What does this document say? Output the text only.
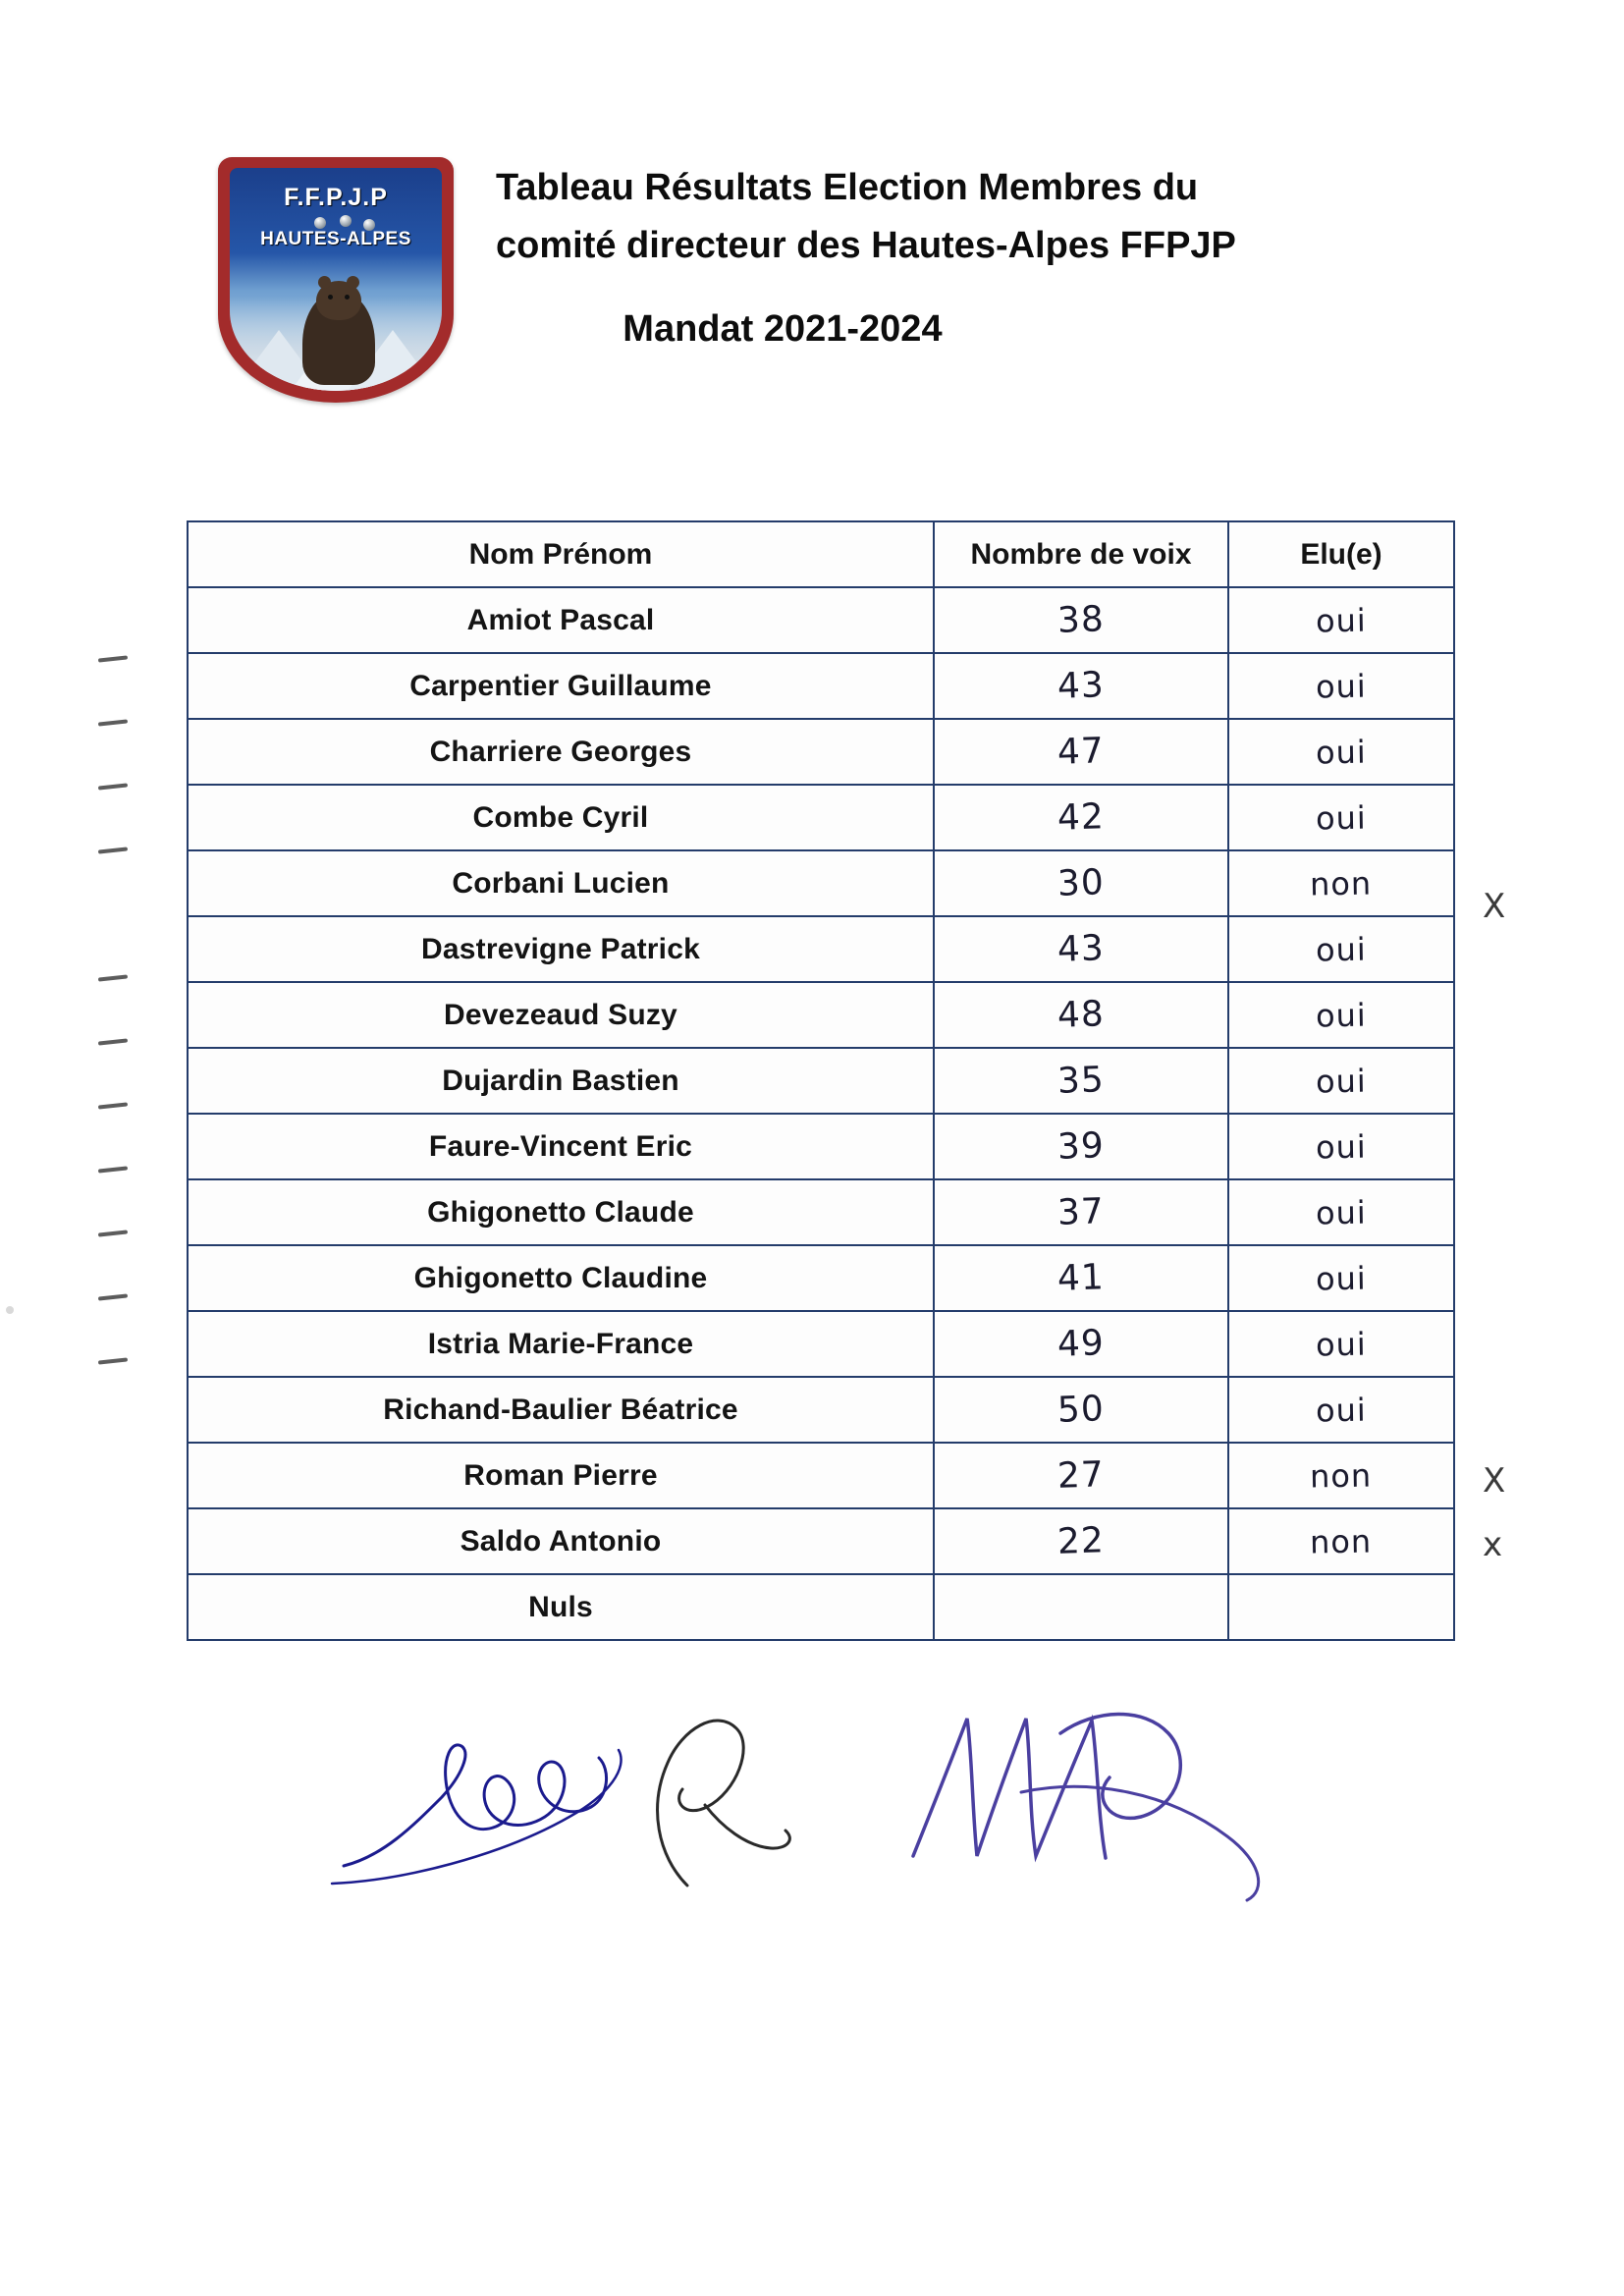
F.F.P.J.P
HAUTES-ALPES
Tableau Résultats Election Membres du
comité directeur des Hautes-Alpes FFPJP
Mandat 2021-2024
Nom Prénom	Nombre de voix	Elu(e)
Amiot Pascal	38	oui
Carpentier Guillaume	43	oui
Charriere Georges	47	oui
Combe Cyril	42	oui
Corbani Lucien	30	non
Dastrevigne Patrick	43	oui
Devezeaud Suzy	48	oui
Dujardin Bastien	35	oui
Faure-Vincent Eric	39	oui
Ghigonetto Claude	37	oui
Ghigonetto Claudine	41	oui
Istria Marie-France	49	oui
Richand-Baulier Béatrice	50	oui
Roman Pierre	27	non
Saldo Antonio	22	non
Nuls		
X
X
x
